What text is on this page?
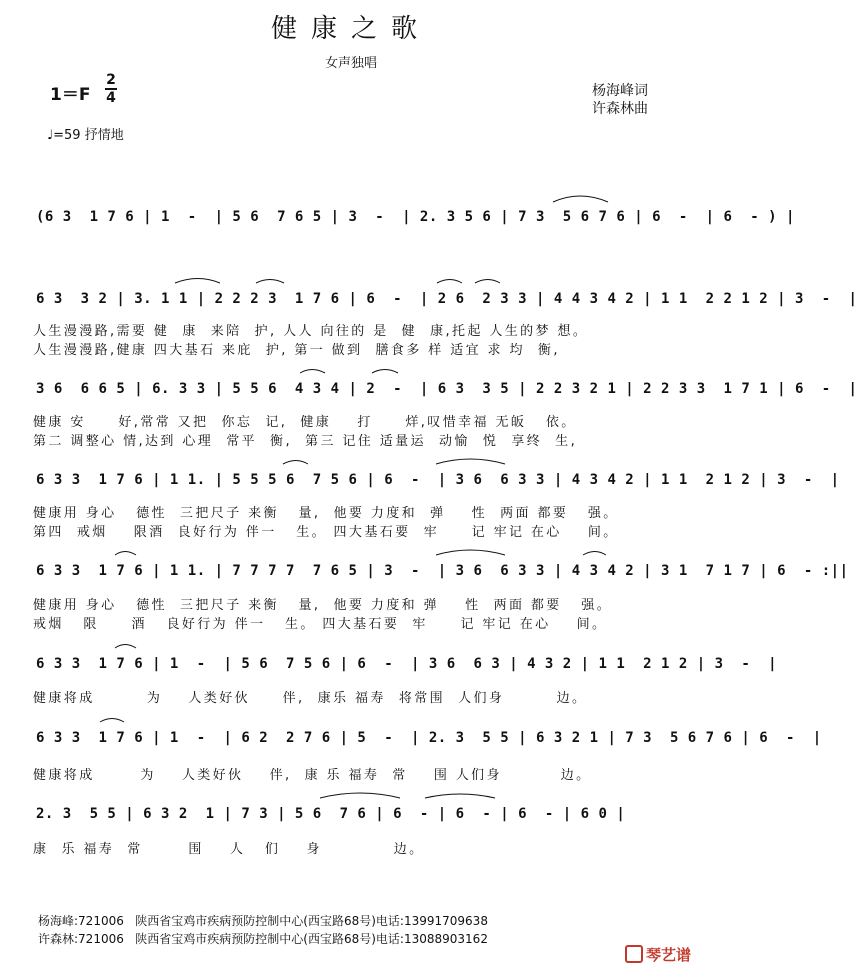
健康之歌
女声独唱
1＝F
2
4	杨海峰词
许森林曲
♩=59 抒情地
(6 3  1 7 6 | 1  -  | 5 6  7 6 5 | 3  -  | 2. 3 5 6 | 7 3  5 6 7 6 | 6  -  | 6  - ) |
6 3  3 2 | 3. 1 1 | 2 2 2 3  1 7 6 | 6  -  | 2 6  2 3 3 | 4 4 3 4 2 | 1 1  2 2 1 2 | 3  -  |
人生漫漫路,需要 健  康  来陪  护, 人人 向往的 是  健  康,托起 人生的梦 想。
人生漫漫路,健康 四大基石 来庇  护, 第一 做到  膳食多 样 适宜 求 均  衡,
3 6  6 6 5 | 6. 3 3 | 5 5 6  4 3 4 | 2  -  | 6 3  3 5 | 2 2 3 2 1 | 2 2 3 3  1 7 1 | 6  -  |
健康 安     好,常常 又把  你忘  记,  健康    打     烊,叹惜幸福 无皈   依。
第二 调整心 情,达到 心理  常平  衡,  第三 记住 适量运  动愉  悦  享终  生,
6 3 3  1 7 6 | 1 1. | 5 5 5 6  7 5 6 | 6  -  | 3 6  6 3 3 | 4 3 4 2 | 1 1  2 1 2 | 3  -  |
健康用 身心   德性  三把尺子 来衡   量,  他要 力度和  弹    性  两面 都要   强。
第四  戒烟    限酒  良好行为 伴一   生。 四大基石要  牢     记 牢记 在心    间。
6 3 3  1 7 6 | 1 1. | 7 7 7 7  7 6 5 | 3  -  | 3 6  6 3 3 | 4 3 4 2 | 3 1  7 1 7 | 6  - :||
健康用 身心   德性  三把尺子 来衡   量,  他要 力度和 弹    性  两面 都要   强。
戒烟   限     酒   良好行为 伴一   生。 四大基石要  牢     记 牢记 在心    间。
6 3 3  1 7 6 | 1  -  | 5 6  7 5 6 | 6  -  | 3 6  6 3 | 4 3 2 | 1 1  2 1 2 | 3  -  |
健康将成        为    人类好伙     伴,  康乐 福寿  将常围  人们身        边。
6 3 3  1 7 6 | 1  -  | 6 2  2 7 6 | 5  -  | 2. 3  5 5 | 6 3 2 1 | 7 3  5 6 7 6 | 6  -  |
健康将成       为    人类好伙    伴,  康 乐 福寿  常    围 人们身         边。
2. 3  5 5 | 6 3 2  1 | 7 3 | 5 6  7 6 | 6  - | 6  - | 6  - | 6 0 |
康  乐 福寿  常       围    人   们    身           边。
杨海峰:721006   陕西省宝鸡市疾病预防控制中心(西宝路68号)电话:13991709638
许森林:721006   陕西省宝鸡市疾病预防控制中心(西宝路68号)电话:13088903162
琴艺谱
